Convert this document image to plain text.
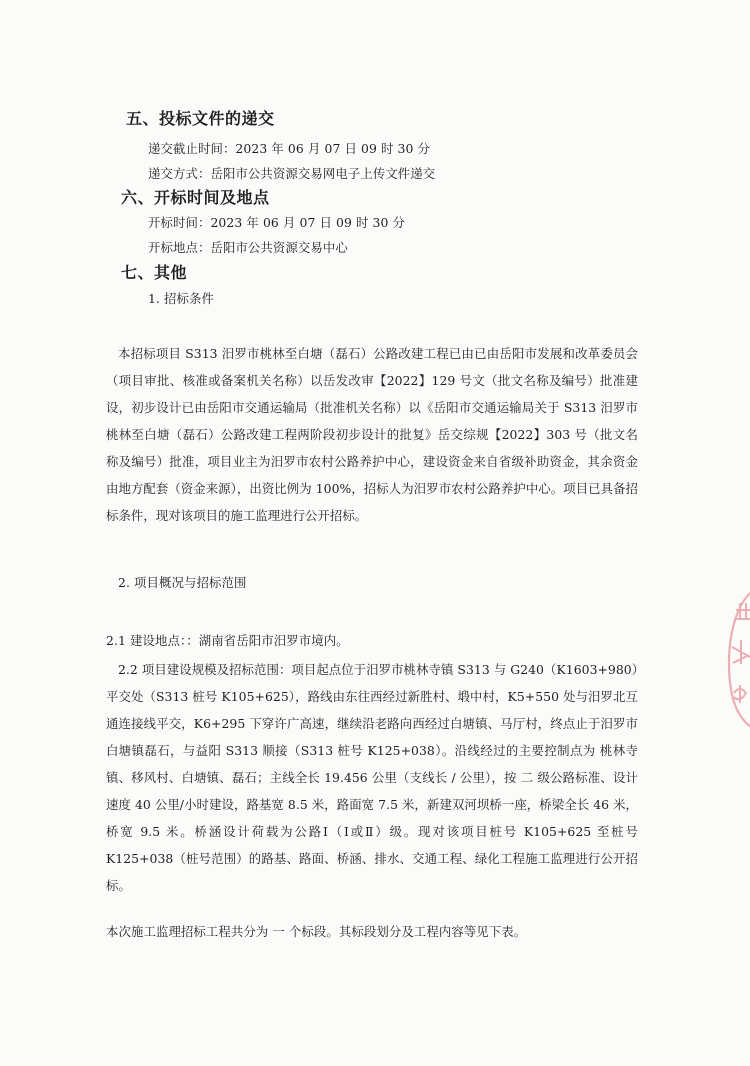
五、投标文件的递交
递交截止时间：2023 年 06 月 07 日 09 时 30 分
递交方式：岳阳市公共资源交易网电子上传文件递交
六、开标时间及地点
开标时间：2023 年 06 月 07 日 09 时 30 分
开标地点：岳阳市公共资源交易中心
七、其他
1. 招标条件

本招标项目 S313 汨罗市桃林至白塘（磊石）公路改建工程已由已由岳阳市发展和改革委员会（项目审批、核准或备案机关名称）以岳发改审【2022】129 号文（批文名称及编号）批准建设，初步设计已由岳阳市交通运输局（批准机关名称）以《岳阳市交通运输局关于 S313 汨罗市桃林至白塘（磊石）公路改建工程两阶段初步设计的批复》岳交综规【2022】303 号（批文名称及编号）批准，项目业主为汨罗市农村公路养护中心，建设资金来自省级补助资金，其余资金由地方配套（资金来源），出资比例为 100%，招标人为汨罗市农村公路养护中心。项目已具备招标条件，现对该项目的施工监理进行公开招标。

2. 项目概况与招标范围
2.1 建设地点：：湖南省岳阳市汨罗市境内。

2.2 项目建设规模及招标范围：项目起点位于汨罗市桃林寺镇 S313 与 G240（K1603+980）平交处（S313 桩号 K105+625），路线由东往西经过新胜村、塅中村，K5+550 处与汨罗北互通连接线平交，K6+295 下穿许广高速，继续沿老路向西经过白塘镇、马厅村，终点止于汨罗市白塘镇磊石，与益阳 S313 顺接（S313 桩号 K125+038）。沿线经过的主要控制点为 桃林寺镇、移风村、白塘镇、磊石；主线全长 19.456 公里（支线长 / 公里），按 二 级公路标准、设计速度 40 公里/小时建设，路基宽 8.5 米，路面宽 7.5 米，新建双河坝桥一座，桥梁全长 46 米，桥宽 9.5 米。桥涵设计荷载为公路Ⅰ（Ⅰ或Ⅱ）级。现对该项目桩号 K105+625 至桩号 K125+038（桩号范围）的路基、路面、桥涵、排水、交通工程、绿化工程施工监理进行公开招标。

本次施工监理招标工程共分为 一 个标段。其标段划分及工程内容等见下表。
